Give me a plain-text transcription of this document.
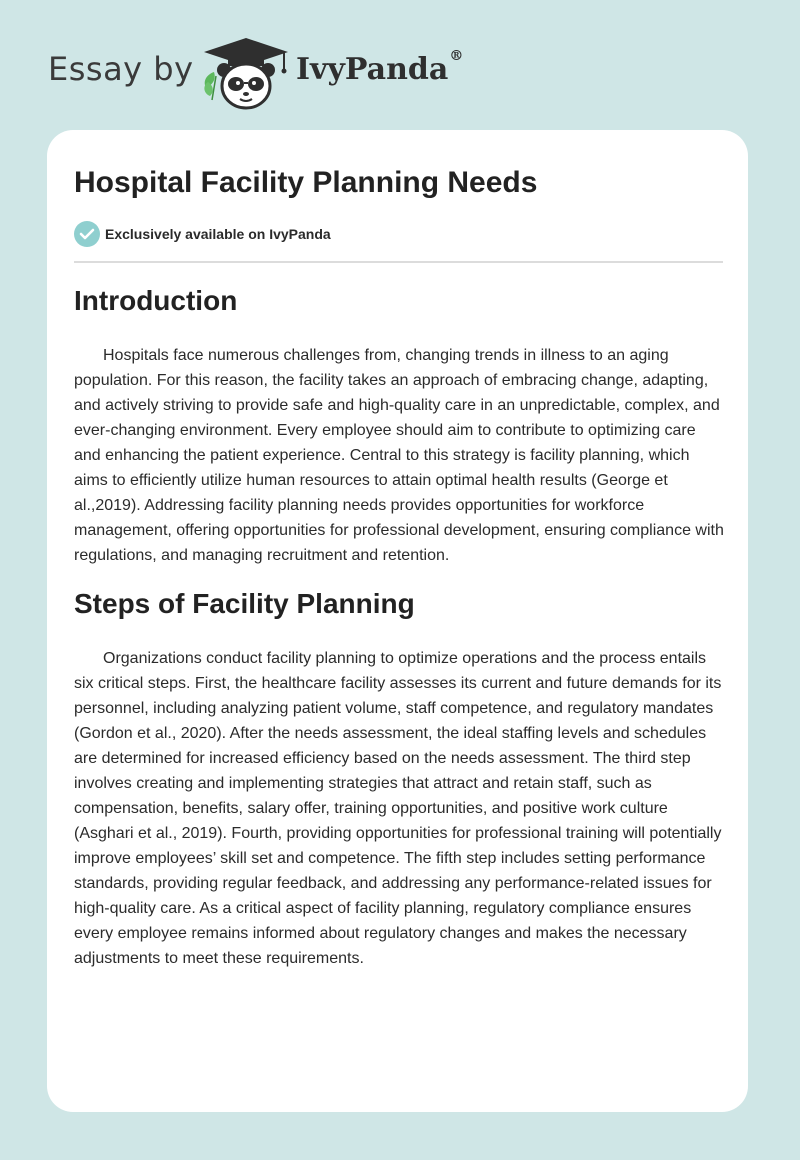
Essay by	IvyPanda®
Hospital Facility Planning Needs
Exclusively available on IvyPanda
Introduction

Hospitals face numerous challenges from, changing trends in illness to an aging population. For this reason, the facility takes an approach of embracing change, adapting, and actively striving to provide safe and high-quality care in an unpredictable, complex, and ever-changing environment. Every employee should aim to contribute to optimizing care and enhancing the patient experience. Central to this strategy is facility planning, which aims to efficiently utilize human resources to attain optimal health results (George et al.,2019). Addressing facility planning needs provides opportunities for workforce management, offering opportunities for professional development, ensuring compliance with regulations, and managing recruitment and retention.

Steps of Facility Planning

Organizations conduct facility planning to optimize operations and the process entails six critical steps. First, the healthcare facility assesses its current and future demands for its personnel, including analyzing patient volume, staff competence, and regulatory mandates (Gordon et al., 2020). After the needs assessment, the ideal staffing levels and schedules are determined for increased efficiency based on the needs assessment. The third step involves creating and implementing strategies that attract and retain staff, such as compensation, benefits, salary offer, training opportunities, and positive work culture (Asghari et al., 2019). Fourth, providing opportunities for professional training will potentially improve employees’ skill set and competence. The fifth step includes setting performance standards, providing regular feedback, and addressing any performance-related issues for high-quality care. As a critical aspect of facility planning, regulatory compliance ensures every employee remains informed about regulatory changes and makes the necessary adjustments to meet these requirements.
